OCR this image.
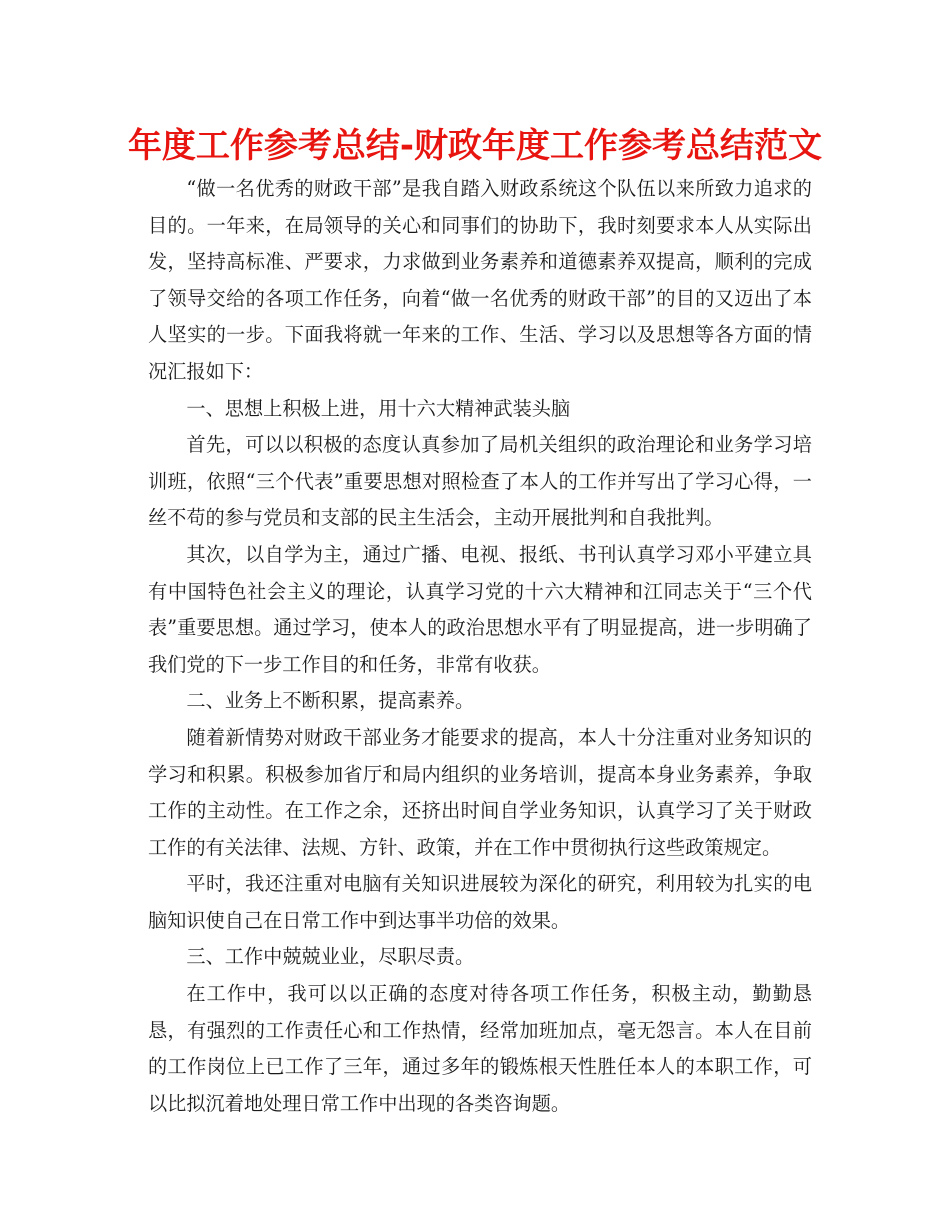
年度工作参考总结-财政年度工作参考总结范文

“做一名优秀的财政干部”是我自踏入财政系统这个队伍以来所致力追求的目的。一年来，在局领导的关心和同事们的协助下，我时刻要求本人从实际出发，坚持高标准、严要求，力求做到业务素养和道德素养双提高，顺利的完成了领导交给的各项工作任务，向着“做一名优秀的财政干部”的目的又迈出了本人坚实的一步。下面我将就一年来的工作、生活、学习以及思想等各方面的情况汇报如下：

一、思想上积极上进，用十六大精神武装头脑

首先，可以以积极的态度认真参加了局机关组织的政治理论和业务学习培训班，依照“三个代表”重要思想对照检查了本人的工作并写出了学习心得，一丝不苟的参与党员和支部的民主生活会，主动开展批判和自我批判。

其次，以自学为主，通过广播、电视、报纸、书刊认真学习邓小平建立具有中国特色社会主义的理论，认真学习党的十六大精神和江同志关于“三个代表”重要思想。通过学习，使本人的政治思想水平有了明显提高，进一步明确了我们党的下一步工作目的和任务，非常有收获。

二、业务上不断积累，提高素养。

随着新情势对财政干部业务才能要求的提高，本人十分注重对业务知识的学习和积累。积极参加省厅和局内组织的业务培训，提高本身业务素养，争取工作的主动性。在工作之余，还挤出时间自学业务知识，认真学习了关于财政工作的有关法律、法规、方针、政策，并在工作中贯彻执行这些政策规定。

平时，我还注重对电脑有关知识进展较为深化的研究，利用较为扎实的电脑知识使自己在日常工作中到达事半功倍的效果。

三、工作中兢兢业业，尽职尽责。

在工作中，我可以以正确的态度对待各项工作任务，积极主动，勤勤恳恳，有强烈的工作责任心和工作热情，经常加班加点，毫无怨言。本人在目前的工作岗位上已工作了三年，通过多年的锻炼根天性胜任本人的本职工作，可以比拟沉着地处理日常工作中出现的各类咨询题。
